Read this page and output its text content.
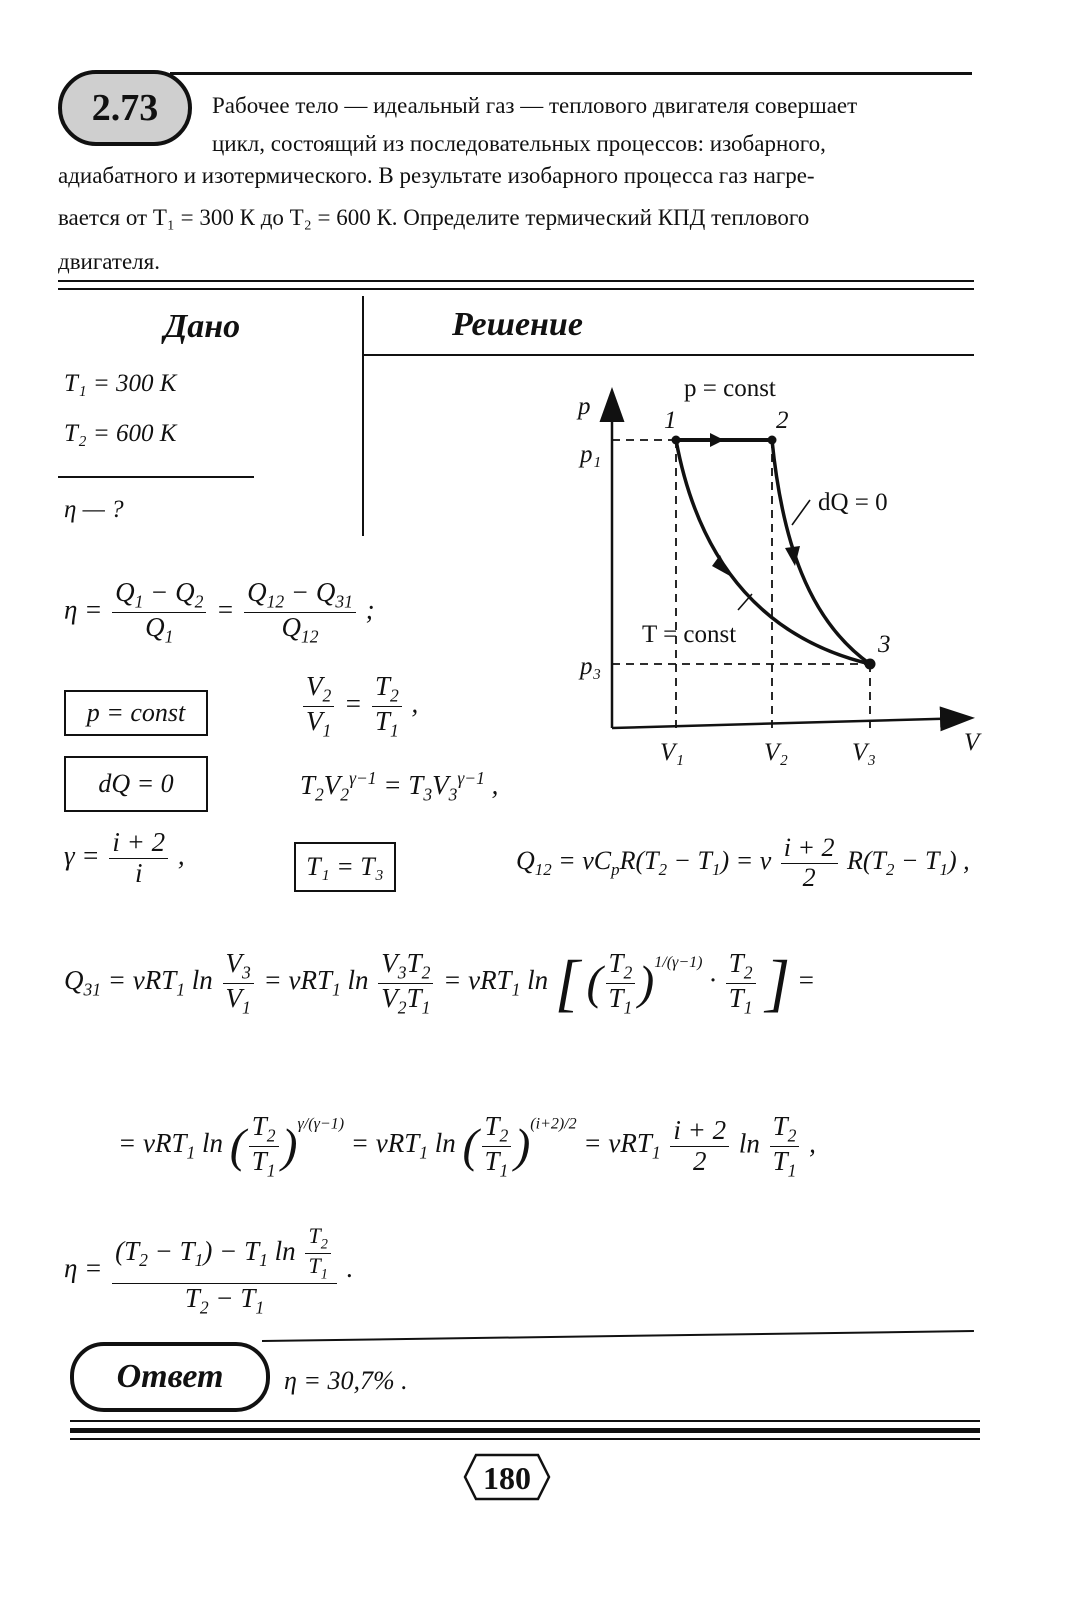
2.73 Рабочее тело — идеальный газ — теплового двигателя совершает
цикл, состоящий из последовательных процессов: изобарного,
адиабатного и изотермического. В результате изобарного процесса газ нагре-
вается от T₁ = 300 К до T₂ = 600 К. Определите термический КПД теплового
двигателя.
Дано	Решение
T₁ = 300 К
T₂ = 600 К
η — ?
p
V
p₁
p₃
V₁	V₂	V₃
1	2
3
p = const
dQ = 0
T = const
$\eta = \frac{Q_1 - Q_2}{Q_1} = \frac{Q_{12} - Q_{31}}{Q_{12}}$ ;
p = const
dQ = 0
T₁ = T₃
$\frac{V_2}{V_1} = \frac{T_2}{T_1}$ ,
$T_2V_2^{\gamma-1} = T_3V_3^{\gamma-1}$ ,
$\gamma = \frac{i + 2}{i}$ ,	$Q_{12} = \nu C_pR(T_2 - T_1) = \nu \frac{i + 2}{2} R(T_2 - T_1)$ ,
$Q_{31} = \nu RT_1$ $\ln \frac{V_3}{V_1} = \nu RT_1$ $\ln \frac{V_3T_2}{V_2T_1} = \nu RT_1$ ln [ ( $\frac{T_2}{T_1} )^{1/(\gamma-1)} \cdot \frac{T_2}{T_1}$ ] =
= νRT$_1$ ln ( $\frac{T_2}{T_1} )^{\gamma/(\gamma-1)} = \nu RT_1$ ln ( $\frac{T_2}{T_1} )^{(i+2)/2} = \nu RT_1 \frac{i + 2}{2}$ $\ln \frac{T_2}{T_1}$ ,
$\eta = \frac{(T_2 - T_1) - T_1 \ln \frac{T_2}{T_1}}{T_2 - T_1}$ .
Ответ η = 30,7% .
180
